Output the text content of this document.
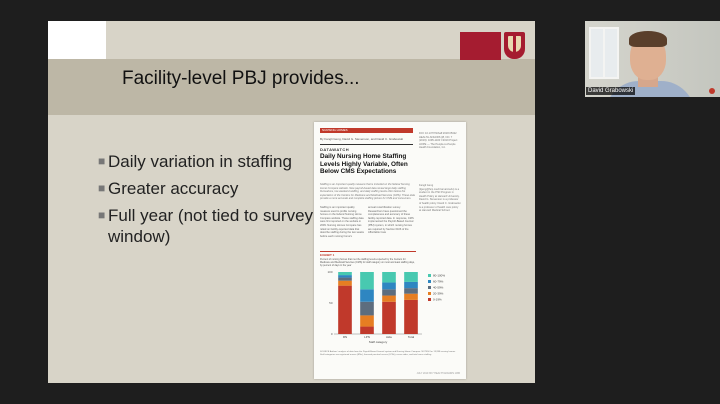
Facility-level PBJ provides...
■ Daily variation in staffing
■ Greater accuracy
■ Full year (not tied to survey window)
NURSING HOMES
By Fangli Geng, David G. Stevenson, and David C. Grabowski
DATAWATCH
Daily Nursing Home Staffing Levels Highly Variable, Often Below CMS Expectations
Staffing is an important quality measure that is included on the federal Nursing Home Compare website. New payroll-based data reveal large daily staffing fluctuations, low weekend staffing, and daily staffing levels often below the expectation of the Centers for Medicare and Medicaid Services (CMS). These data provide a more accurate and complete staffing picture for CMS and consumers.
Staffing is an important quality measure used to profile nursing homes on the federal Nursing Home Compare website. These staffing data were first reported on the website in 2009. Nursing Homes Compare has relied on facility-reported data that describe staffing during the two weeks before each nursing home's
annual recertification survey. Researchers have questioned the completeness and accuracy of these facility-reported data. In response, CMS implemented the Payroll-Based Journal (PBJ) system, in which nursing homes are required by Section 6106 of the Affordable Care
DOI: 10.1377/hlthaff.2018.05322 HEALTH AFFAIRS 38, NO. 7 (2019): 1095-1100 ©2019 Project HOPE — The People-to-People Health Foundation, Inc.
Fangli Geng (fgeng@hcp.med.harvard.edu) is a student in the PhD Program in Health Policy at Harvard University. David G. Stevenson is a professor of health policy. David C. Grabowski is a professor of health care policy at Harvard Medical School.
EXHIBIT 1
Percent of nursing homes that met the staffing levels expected by the Centers for Medicare and Medicaid Services (CMS) for staff category on most and least staffing days, by percent of days in the year
0
50
100
RN	LPN	Aide	Total
Staff category
80-100%
60-79%
40-59%
20-39%
0-19%
SOURCE Authors' analysis of data from the Payroll-Based Journal system and Nursing Home Compare. NOTES For 13,998 nursing homes. Staff categories are registered nurses (RNs), licensed practical nurses (LPNs), nurse aides, and total nurse staffing.
JULY 2019 38:7 HEALTH AFFAIRS 1095
David Grabowski
